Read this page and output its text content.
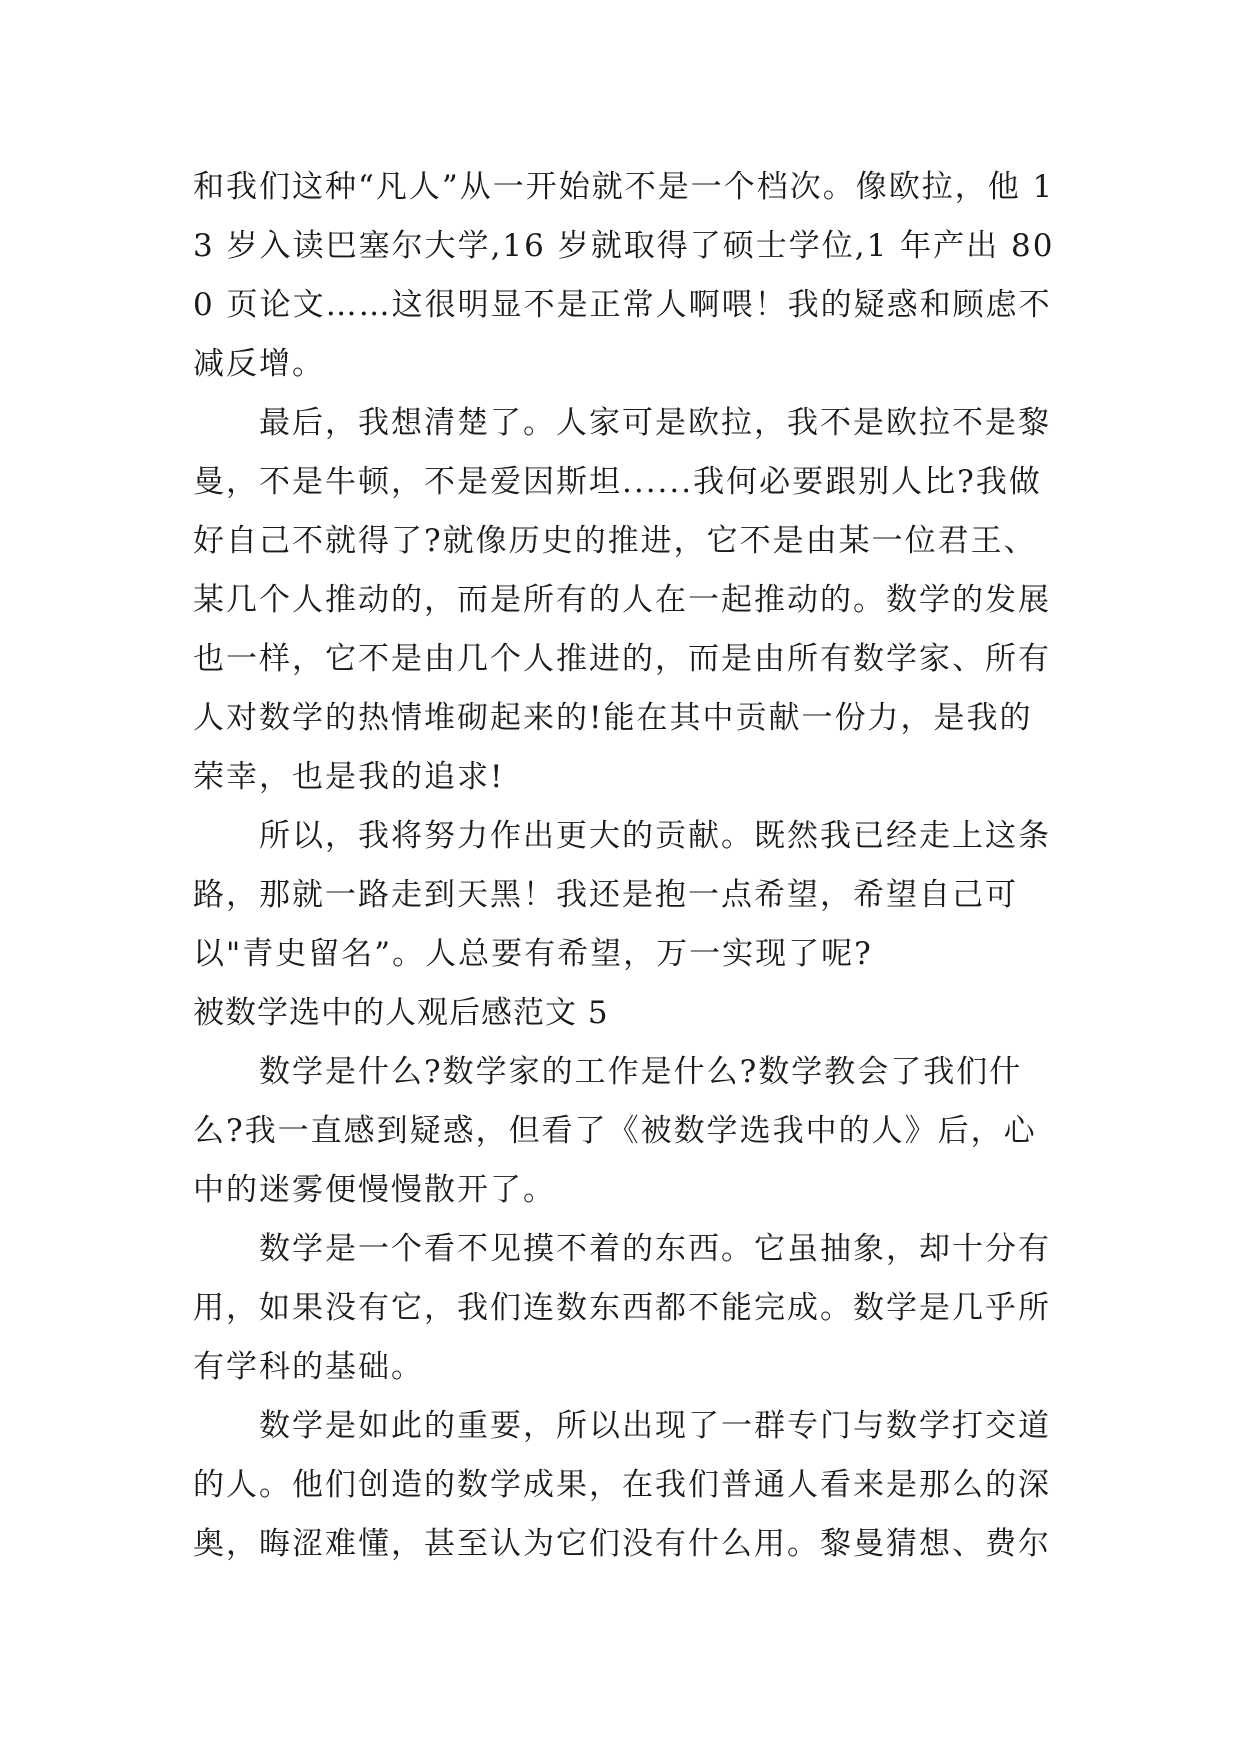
和我们这种“凡人”从一开始就不是一个档次。像欧拉，他 13 岁入读巴塞尔大学,16 岁就取得了硕士学位,1 年产出 800 页论文……这很明显不是正常人啊喂！我的疑惑和顾虑不减反增。

最后，我想清楚了。人家可是欧拉，我不是欧拉不是黎曼，不是牛顿，不是爱因斯坦......我何必要跟别人比?我做好自己不就得了?就像历史的推进，它不是由某一位君王、某几个人推动的，而是所有的人在一起推动的。数学的发展也一样，它不是由几个人推进的，而是由所有数学家、所有人对数学的热情堆砌起来的!能在其中贡献一份力，是我的荣幸，也是我的追求!

所以，我将努力作出更大的贡献。既然我已经走上这条路，那就一路走到天黑！我还是抱一点希望，希望自己可以"青史留名”。人总要有希望，万一实现了呢?

被数学选中的人观后感范文 5

数学是什么?数学家的工作是什么?数学教会了我们什么?我一直感到疑惑，但看了《被数学选我中的人》后，心中的迷雾便慢慢散开了。

数学是一个看不见摸不着的东西。它虽抽象，却十分有用，如果没有它，我们连数东西都不能完成。数学是几乎所有学科的基础。

数学是如此的重要，所以出现了一群专门与数学打交道的人。他们创造的数学成果，在我们普通人看来是那么的深奥，晦涩难懂，甚至认为它们没有什么用。黎曼猜想、费尔
